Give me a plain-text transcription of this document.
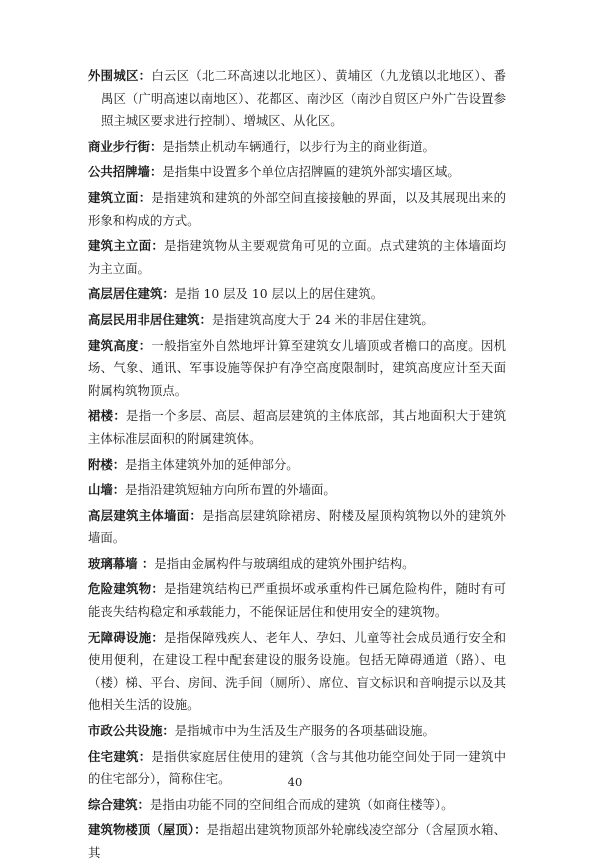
外围城区：白云区（北二环高速以北地区）、黄埔区（九龙镇以北地区）、番禺区（广明高速以南地区）、花都区、南沙区（南沙自贸区户外广告设置参照主城区要求进行控制）、增城区、从化区。

商业步行街：是指禁止机动车辆通行，以步行为主的商业街道。

公共招牌墙：是指集中设置多个单位店招牌匾的建筑外部实墙区域。

建筑立面：是指建筑和建筑的外部空间直接接触的界面，以及其展现出来的形象和构成的方式。

建筑主立面：是指建筑物从主要观赏角可见的立面。点式建筑的主体墙面均为主立面。

高层居住建筑：是指 10 层及 10 层以上的居住建筑。

高层民用非居住建筑：是指建筑高度大于 24 米的非居住建筑。

建筑高度：一般指室外自然地坪计算至建筑女儿墙顶或者檐口的高度。因机场、气象、通讯、军事设施等保护有净空高度限制时，建筑高度应计至天面附属构筑物顶点。

裙楼：是指一个多层、高层、超高层建筑的主体底部，其占地面积大于建筑主体标准层面积的附属建筑体。

附楼：是指主体建筑外加的延伸部分。

山墙：是指沿建筑短轴方向所布置的外墙面。

高层建筑主体墙面：是指高层建筑除裙房、附楼及屋顶构筑物以外的建筑外墙面。

玻璃幕墙 ：是指由金属构件与玻璃组成的建筑外围护结构。

危险建筑物：是指建筑结构已严重损坏或承重构件已属危险构件，随时有可能丧失结构稳定和承载能力，不能保证居住和使用安全的建筑物。

无障碍设施：是指保障残疾人、老年人、孕妇、儿童等社会成员通行安全和使用便利，在建设工程中配套建设的服务设施。包括无障碍通道（路）、电（楼）梯、平台、房间、洗手间（厕所）、席位、盲文标识和音响提示以及其他相关生活的设施。

市政公共设施：是指城市中为生活及生产服务的各项基础设施。

住宅建筑：是指供家庭居住使用的建筑（含与其他功能空间处于同一建筑中的住宅部分），简称住宅。

综合建筑：是指由功能不同的空间组合而成的建筑（如商住楼等）。

建筑物楼顶（屋顶）：是指超出建筑物顶部外轮廓线凌空部分（含屋顶水箱、其

40
